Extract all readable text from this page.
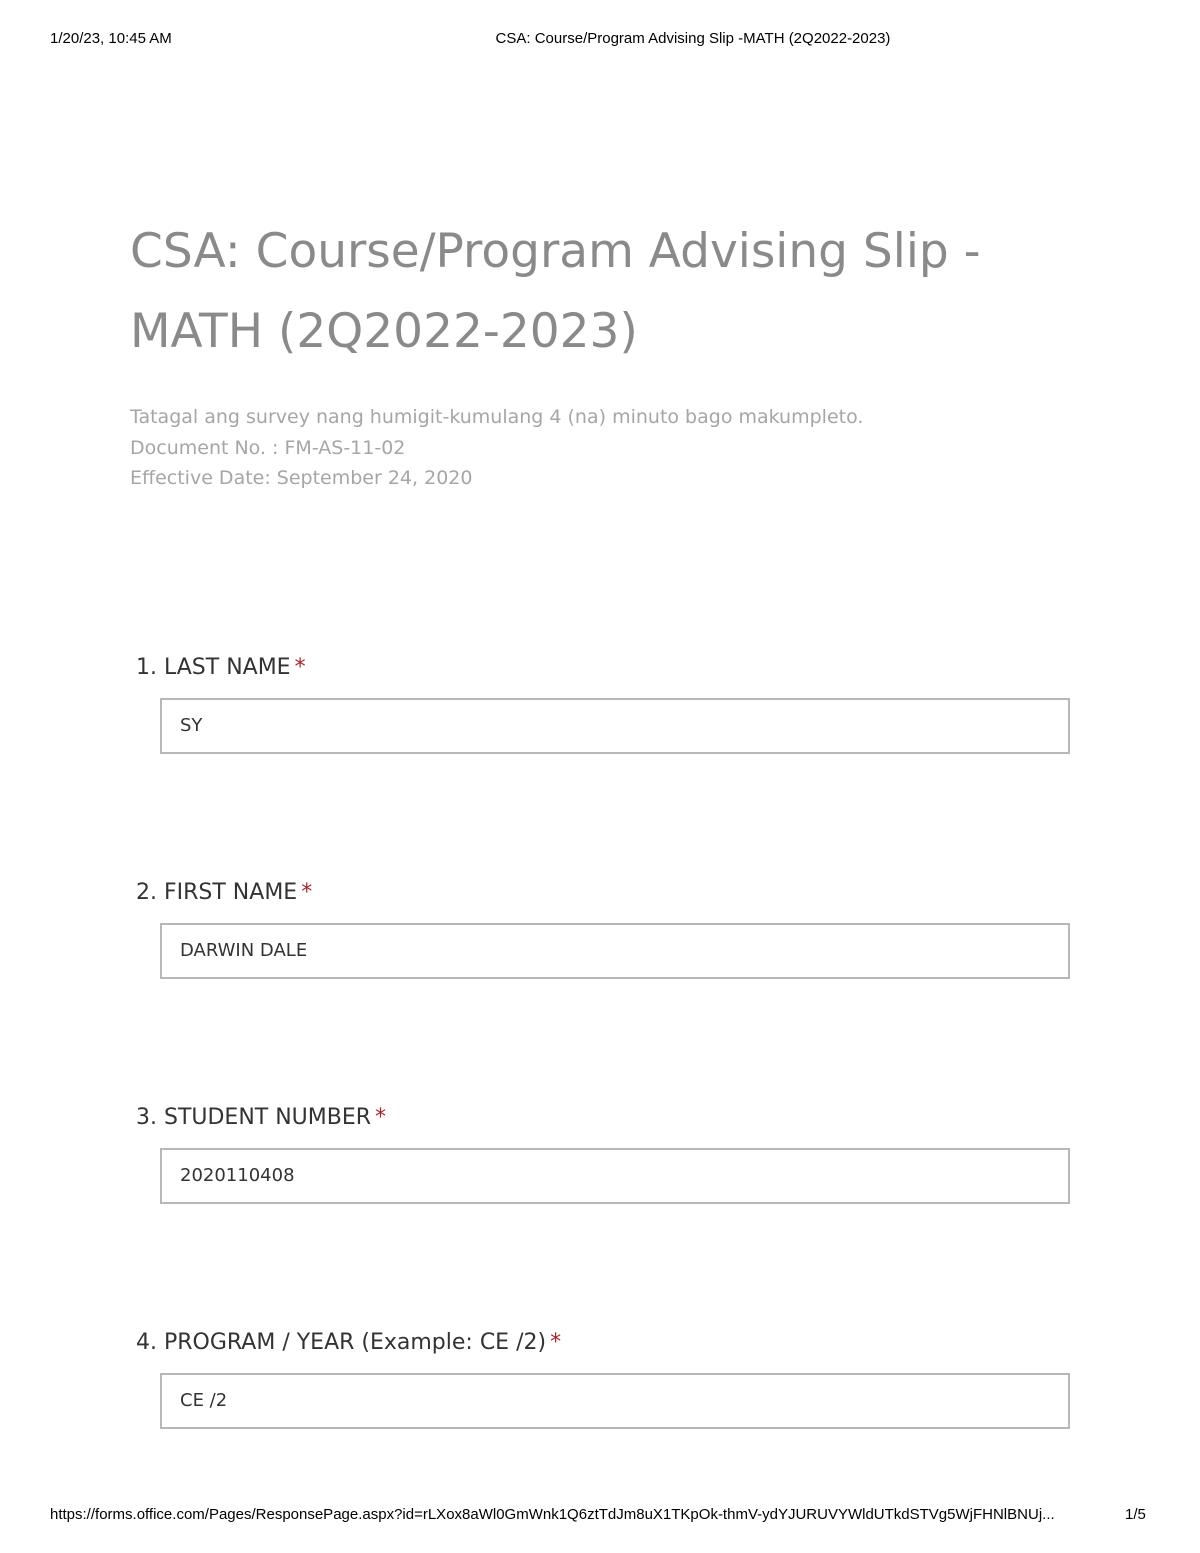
1/20/23, 10:45 AM	CSA: Course/Program Advising Slip -MATH (2Q2022-2023)
CSA: Course/Program Advising Slip -
MATH (2Q2022-2023)
Tatagal ang survey nang humigit-kumulang 4 (na) minuto bago makumpleto.
Document No. : FM-AS-11-02
Effective Date: September 24, 2020
1. LAST NAME *
SY
2. FIRST NAME *
DARWIN DALE
3. STUDENT NUMBER *
2020110408
4. PROGRAM / YEAR (Example: CE /2) *
CE /2
https://forms.office.com/Pages/ResponsePage.aspx?id=rLXox8aWl0GmWnk1Q6ztTdJm8uX1TKpOk-thmV-ydYJURUVYWldUTkdSTVg5WjFHNlBNUj...	1/5
